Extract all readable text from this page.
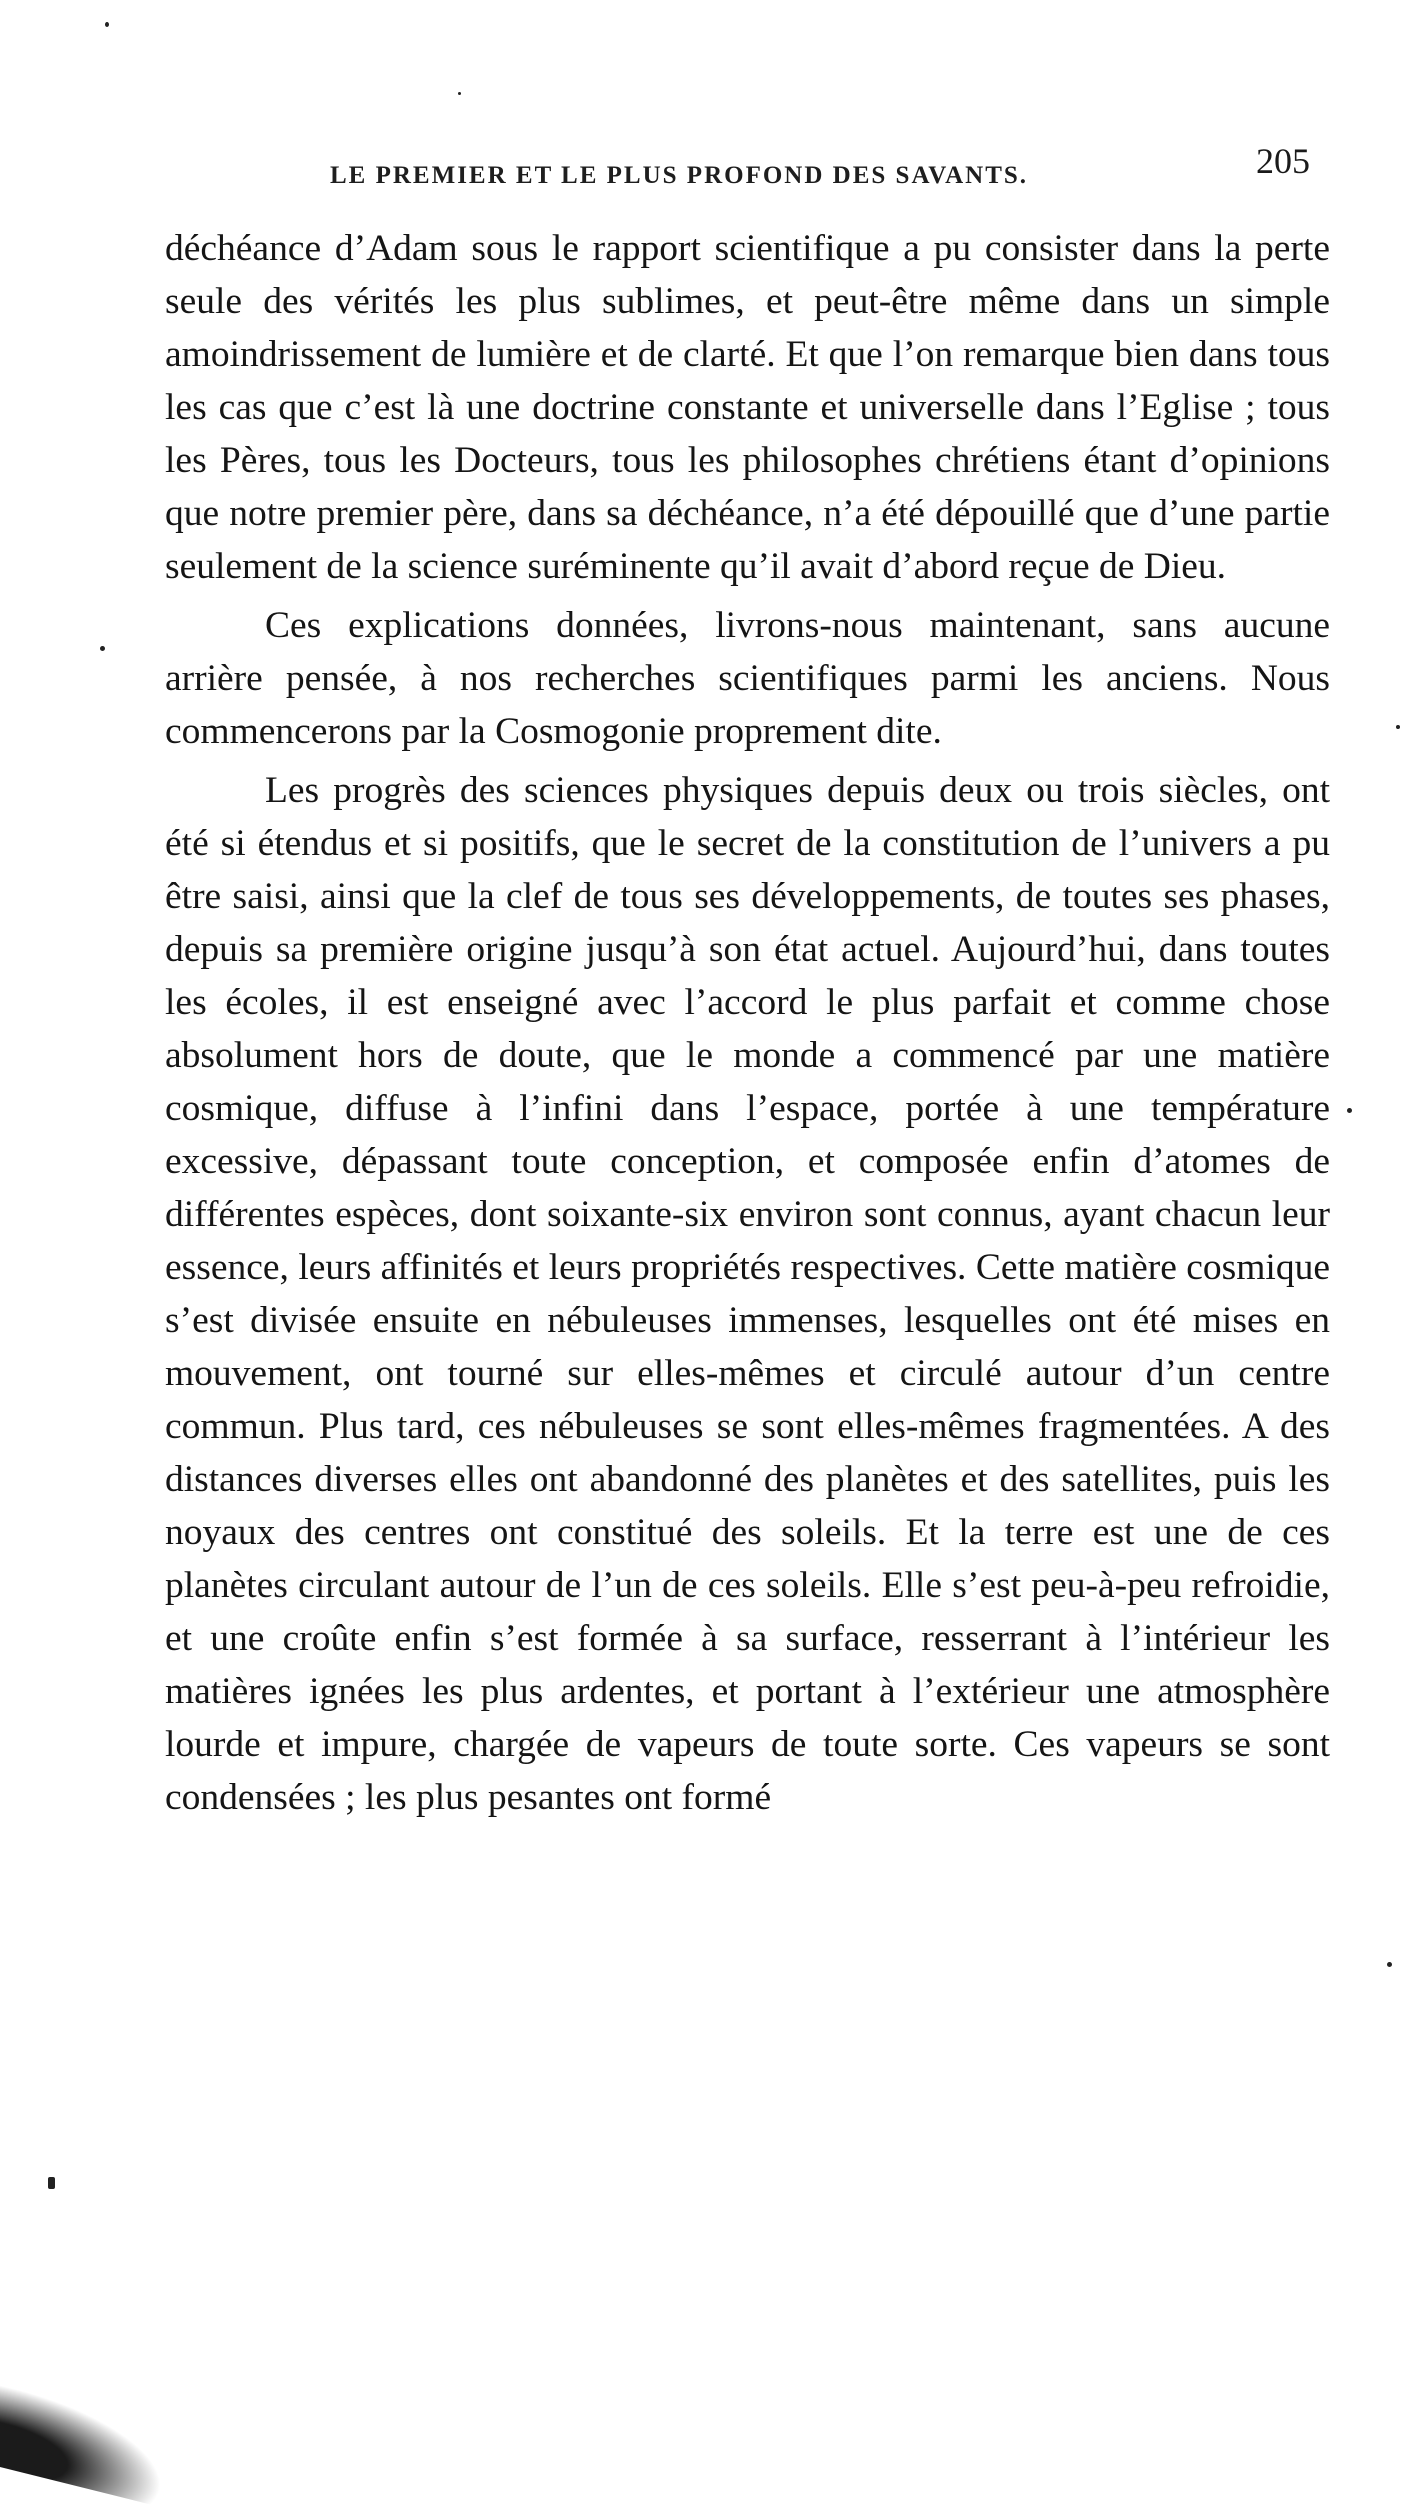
LE PREMIER ET LE PLUS PROFOND DES SAVANTS.	205

déchéance d’Adam sous le rapport scientifique a pu consister dans la perte seule des vérités les plus sublimes, et peut-être même dans un simple amoindrissement de lumière et de clarté. Et que l’on remarque bien dans tous les cas que c’est là une doctrine constante et universelle dans l’Eglise ; tous les Pères, tous les Docteurs, tous les philosophes chrétiens étant d’opinions que notre premier père, dans sa déchéance, n’a été dépouillé que d’une partie seulement de la science suréminente qu’il avait d’abord reçue de Dieu.

Ces explications données, livrons-nous maintenant, sans aucune arrière pensée, à nos recherches scientifiques parmi les anciens. Nous commencerons par la Cosmogonie proprement dite.

Les progrès des sciences physiques depuis deux ou trois siècles, ont été si étendus et si positifs, que le secret de la constitution de l’univers a pu être saisi, ainsi que la clef de tous ses développements, de toutes ses phases, depuis sa première origine jusqu’à son état actuel. Aujourd’hui, dans toutes les écoles, il est enseigné avec l’accord le plus parfait et comme chose absolument hors de doute, que le monde a commencé par une matière cosmique, diffuse à l’infini dans l’espace, portée à une température excessive, dépassant toute conception, et composée enfin d’atomes de différentes espèces, dont soixante-six environ sont connus, ayant chacun leur essence, leurs affinités et leurs propriétés respectives. Cette matière cosmique s’est divisée ensuite en nébuleuses immenses, lesquelles ont été mises en mouvement, ont tourné sur elles-mêmes et circulé autour d’un centre commun. Plus tard, ces nébuleuses se sont elles-mêmes fragmentées. A des distances diverses elles ont abandonné des planètes et des satellites, puis les noyaux des centres ont constitué des soleils. Et la terre est une de ces planètes circulant autour de l’un de ces soleils. Elle s’est peu-à-peu refroidie, et une croûte enfin s’est formée à sa surface, resserrant à l’intérieur les matières ignées les plus ardentes, et portant à l’extérieur une atmosphère lourde et impure, chargée de vapeurs de toute sorte. Ces vapeurs se sont condensées ; les plus pesantes ont formé
